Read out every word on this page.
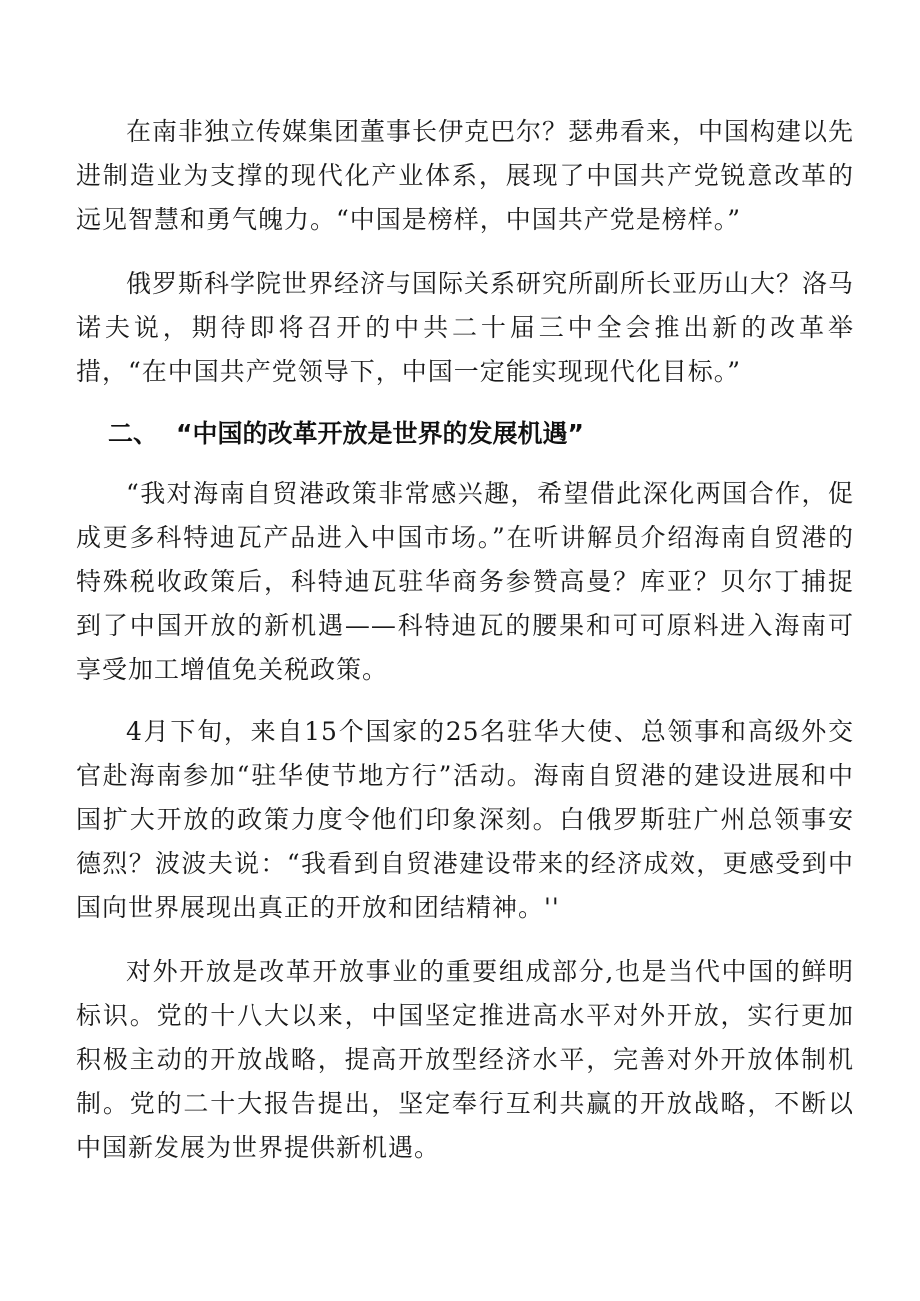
在南非独立传媒集团董事长伊克巴尔？瑟弗看来，中国构建以先进制造业为支撑的现代化产业体系，展现了中国共产党锐意改革的远见智慧和勇气魄力。“中国是榜样，中国共产党是榜样。”

俄罗斯科学院世界经济与国际关系研究所副所长亚历山大？洛马诺夫说，期待即将召开的中共二十届三中全会推出新的改革举措，“在中国共产党领导下，中国一定能实现现代化目标。”

二、 “中国的改革开放是世界的发展机遇”

“我对海南自贸港政策非常感兴趣，希望借此深化两国合作，促成更多科特迪瓦产品进入中国市场。”在听讲解员介绍海南自贸港的特殊税收政策后，科特迪瓦驻华商务参赞高曼？库亚？贝尔丁捕捉到了中国开放的新机遇——科特迪瓦的腰果和可可原料进入海南可享受加工增值免关税政策。

4月下旬，来自15个国家的25名驻华大使、总领事和高级外交官赴海南参加“驻华使节地方行”活动。海南自贸港的建设进展和中国扩大开放的政策力度令他们印象深刻。白俄罗斯驻广州总领事安德烈？波波夫说：“我看到自贸港建设带来的经济成效，更感受到中国向世界展现出真正的开放和团结精神。''

对外开放是改革开放事业的重要组成部分,也是当代中国的鲜明标识。党的十八大以来，中国坚定推进高水平对外开放，实行更加积极主动的开放战略，提高开放型经济水平，完善对外开放体制机制。党的二十大报告提出，坚定奉行互利共赢的开放战略，不断以中国新发展为世界提供新机遇。
